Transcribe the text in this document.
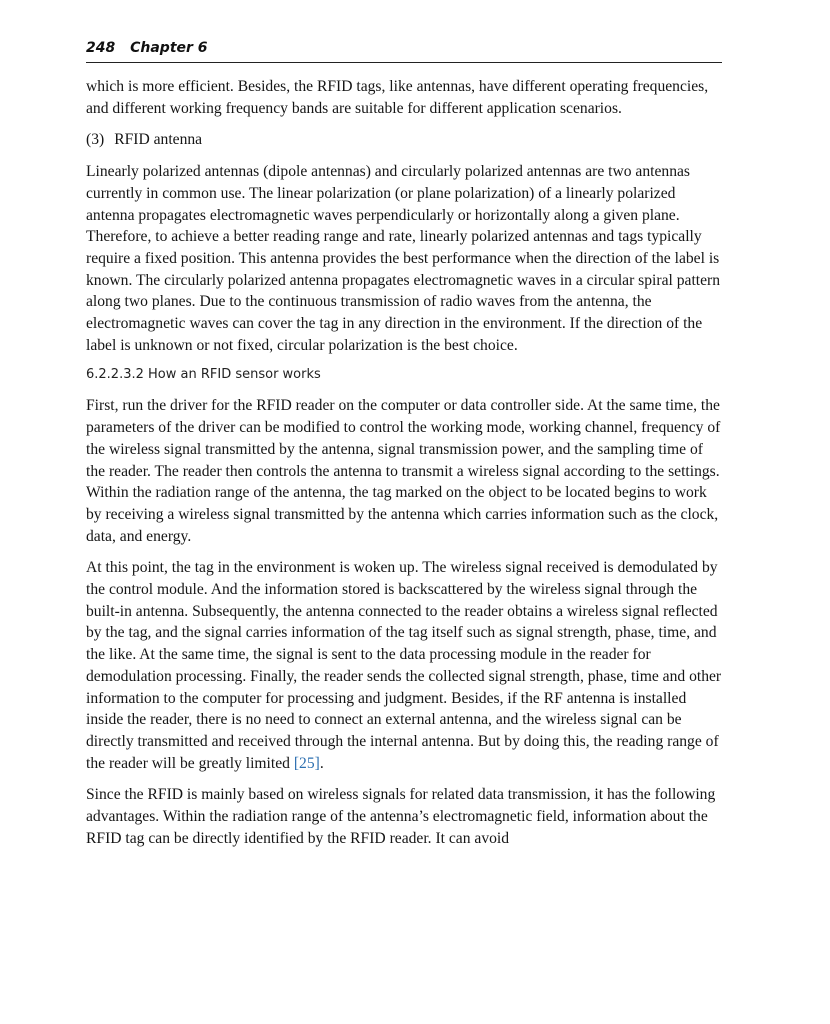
248 Chapter 6

which is more efficient. Besides, the RFID tags, like antennas, have different operating frequencies, and different working frequency bands are suitable for different application scenarios.

(3) RFID antenna

Linearly polarized antennas (dipole antennas) and circularly polarized antennas are two antennas currently in common use. The linear polarization (or plane polarization) of a linearly polarized antenna propagates electromagnetic waves perpendicularly or horizontally along a given plane. Therefore, to achieve a better reading range and rate, linearly polarized antennas and tags typically require a fixed position. This antenna provides the best performance when the direction of the label is known. The circularly polarized antenna propagates electromagnetic waves in a circular spiral pattern along two planes. Due to the continuous transmission of radio waves from the antenna, the electromagnetic waves can cover the tag in any direction in the environment. If the direction of the label is unknown or not fixed, circular polarization is the best choice.

6.2.2.3.2 How an RFID sensor works

First, run the driver for the RFID reader on the computer or data controller side. At the same time, the parameters of the driver can be modified to control the working mode, working channel, frequency of the wireless signal transmitted by the antenna, signal transmission power, and the sampling time of the reader. The reader then controls the antenna to transmit a wireless signal according to the settings. Within the radiation range of the antenna, the tag marked on the object to be located begins to work by receiving a wireless signal transmitted by the antenna which carries information such as the clock, data, and energy.

At this point, the tag in the environment is woken up. The wireless signal received is demodulated by the control module. And the information stored is backscattered by the wireless signal through the built-in antenna. Subsequently, the antenna connected to the reader obtains a wireless signal reflected by the tag, and the signal carries information of the tag itself such as signal strength, phase, time, and the like. At the same time, the signal is sent to the data processing module in the reader for demodulation processing. Finally, the reader sends the collected signal strength, phase, time and other information to the computer for processing and judgment. Besides, if the RF antenna is installed inside the reader, there is no need to connect an external antenna, and the wireless signal can be directly transmitted and received through the internal antenna. But by doing this, the reading range of the reader will be greatly limited [25].

Since the RFID is mainly based on wireless signals for related data transmission, it has the following advantages. Within the radiation range of the antenna’s electromagnetic field, information about the RFID tag can be directly identified by the RFID reader. It can avoid
